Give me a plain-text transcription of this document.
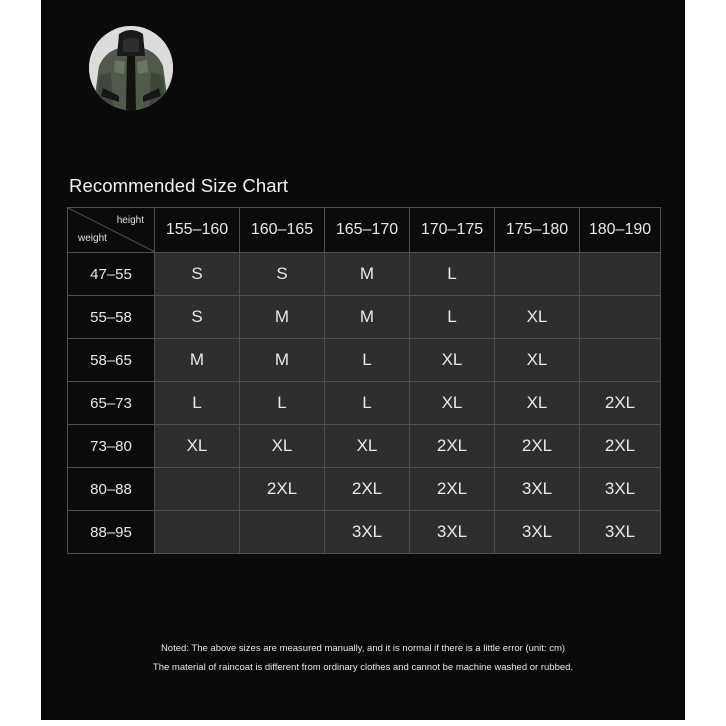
Recommended Size Chart
height
weight	155–160	160–165	165–170	170–175	175–180	180–190
47–55	S	S	M	L		
55–58	S	M	M	L	XL	
58–65	M	M	L	XL	XL	
65–73	L	L	L	XL	XL	2XL
73–80	XL	XL	XL	2XL	2XL	2XL
80–88		2XL	2XL	2XL	3XL	3XL
88–95			3XL	3XL	3XL	3XL
Noted: The above sizes are measured manually, and it is normal if there is a little error (unit: cm)
The material of raincoat is different from ordinary clothes and cannot be machine washed or rubbed.
